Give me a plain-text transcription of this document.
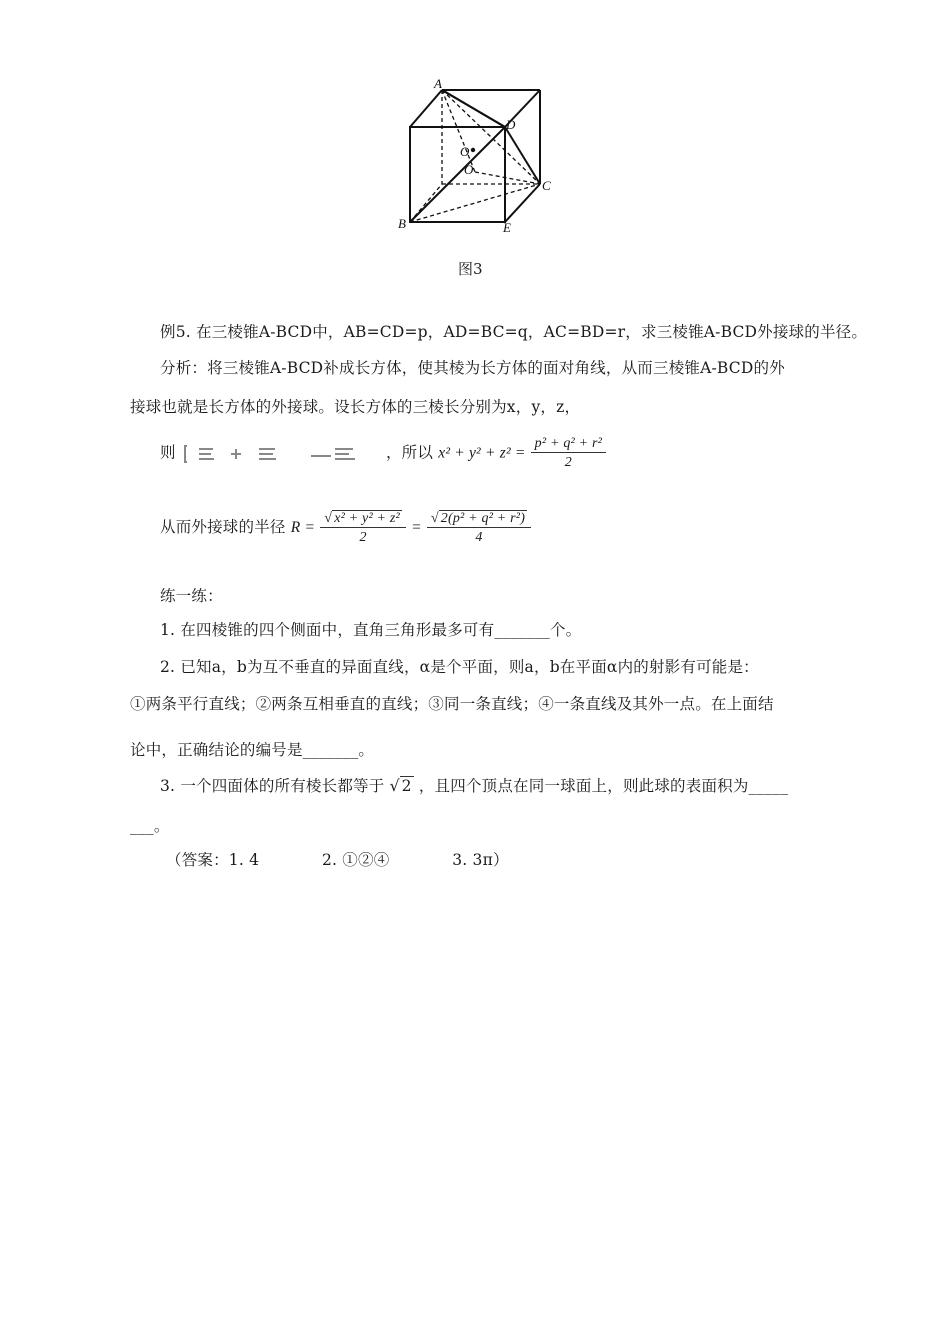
A
D
O
O
C
B	E
图3
例5. 在三棱锥A-BCD中，AB=CD=p，AD=BC=q，AC=BD=r，求三棱锥A-BCD外接球的半径。
分析：将三棱锥A-BCD补成长方体，使其棱为长方体的面对角线，从而三棱锥A-BCD的外
接球也就是长方体的外接球。设长方体的三棱长分别为x，y，z，
则	，所以 $x^2 + y^2 + z^2 = \frac{\text{p² + q² + r²}}{2}$
从而外接球的半径 $R = \frac{\text{√ x² + y² + z²}}{2} = \frac{\text{√ 2(p² + q² + r²)}}{4}$
练一练：
1. 在四棱锥的四个侧面中，直角三角形最多可有_______个。
2. 已知a，b为互不垂直的异面直线，α是个平面，则a，b在平面α内的射影有可能是：
①两条平行直线；②两条互相垂直的直线；③同一条直线；④一条直线及其外一点。在上面结
论中，正确结论的编号是_______。
3. 一个四面体的所有棱长都等于 √ 2 ，且四个顶点在同一球面上，则此球的表面积为_____
___。
（答案：1. 4　　　　2. ①②④　　　　3. 3π）
